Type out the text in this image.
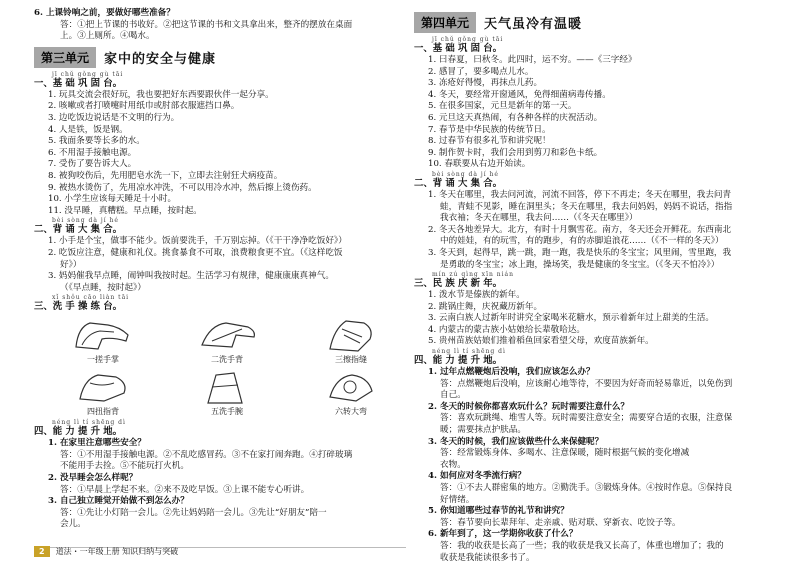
6. 上课铃响之前，要做好哪些准备？
答：①把上节课的书收好。②把这节课的书和文具拿出来，整齐的摆放在桌面
上。③上厕所。④喝水。
第三单元	家中的安全与健康
jī chǔ gǒng gù tāi
一、基 础 巩 固 台。
1. 玩具交流会很好玩，我也要把好东西要跟伙伴一起分享。
2. 咳嗽或者打喷嚏时用纸巾或肘部衣服遮挡口鼻。
3. 边吃饭边说话是不文明的行为。
4. 人是铁，饭是钢。
5. 我面条要等长多的水。
6. 不用湿手接触电源。
7. 受伤了要告诉大人。
8. 被狗咬伤后，先用肥皂水洗一下，立即去注射狂犬病疫苗。
9. 被热水烫伤了，先用凉水冲洗，不可以用冷水冲，然后擦上烫伤药。
10. 小学生应该每天睡足十小时。
11. 没早睡，真糟糕。早点睡，按时起。
bèi sòng dà jí hé
二、背 诵 大 集 合。
1. 小手是个宝，做事不能少。饭前要洗手，千万别忘掉。（《干干净净吃饭好》）
2. 吃饭应注意，健康和礼仪。挑食暴食不可取，浪费粮食更不宜。（《这样吃饭
好》）
3. 妈妈催我早点睡，闹钟叫我按时起。生活学习有规律，健康康康真神气。
（《早点睡，按时起》）
xǐ shǒu cāo liàn tāi
三、洗 手 操 练 台。
一搓手掌	二洗手背	三擦指缝
四扭指背	五洗手腕	六转大弯
néng lì tí shēng dì
四、能 力 提 升 地。
1. 在家里注意哪些安全？
答：①不用湿手接触电源。②不乱吃感冒药。③不在家打闹奔跑。④打碎玻璃
不能用手去捡。⑤不能玩打火机。
2. 没早睡会怎么样呢？
答：①早晨上学起不来。②来不及吃早饭。③上课不能专心听讲。
3. 自己独立睡觉开始做不到怎么办？
答：①先让小灯陪一会儿。②先让妈妈陪一会儿。③先让“好朋友”陪一
会儿。
2	道法・一年级上册 知识归纳与突破
第四单元	天气虽冷有温暖
jī chǔ gǒng gù tāi
一、基 础 巩 固 台。
1. 曰春夏，曰秋冬。此四时，运不穷。——《三字经》
2. 感冒了，要多喝点儿水。
3. 冻疮好得慢，再抹点儿药。
4. 冬天，要经常开窗通风，免得细菌病毒传播。
5. 在很多国家，元旦是新年的第一天。
6. 元旦这天真热闹，有各种各样的庆祝活动。
7. 春节是中华民族的传统节日。
8. 过春节有很多礼节和讲究呢！
9. 制作贺卡时，我们会用到剪刀和彩色卡纸。
10. 春联要从右边开始读。
bèi sòng dà jí hé
二、背 诵 大 集 合。
1. 冬天在哪里，我去问河流，河流不回答，停下不再走；冬天在哪里，我去问青
蛙，青蛙不见影，睡在洞里头；冬天在哪里，我去问妈妈，妈妈不说话，指指
我衣袖；冬天在哪里，我去问……（《冬天在哪里》）
2. 冬天各地差异大。北方，有时十月飘雪花。南方，冬天还会开鲜花。东西南北
中的娃娃，有的玩雪，有的跑步，有的赤脚追浪花……（《不一样的冬天》）
3. 冬天到，起得早，跳一跳，跑一跑，我是快乐的冬宝宝；风里闹，雪里跑，我
是勇敢的冬宝宝；冰上跑，操场笑，我是健康的冬宝宝。（《冬天不怕冷》）
mín zú qìng xīn nián
三、民 族 庆 新 年。
1. 泼水节是傣族的新年。
2. 跳锅庄舞，庆祝藏历新年。
3. 云南白族人过新年时讲究全家喝米花糖水，预示着新年过上甜美的生活。
4. 内蒙古的蒙古族小姑娘给长辈敬哈达。
5. 贵州苗族姑娘们推着稻鱼回家看望父母，欢度苗族新年。
néng lì tí shēng dì
四、能 力 提 升 地。
1. 过年点燃鞭炮后没响，我们应该怎么办？
答：点燃鞭炮后没响，应该耐心地等待，不要因为好奇而轻易靠近，以免伤到
自己。
2. 冬天的时候你都喜欢玩什么？玩时需要注意什么？
答：喜欢玩跳绳、堆雪人等。玩时需要注意安全；需要穿合适的衣服，注意保
暖；需要抹点护肤品。
3. 冬天的时候，我们应该做些什么来保健呢？
答：经常锻炼身体、多喝水、注意保暖，随时根据气候的变化增减
衣物。
4. 如何应对冬季流行病？
答：①不去人群密集的地方。②勤洗手。③锻炼身体。④按时作息。⑤保持良
好情绪。
5. 你知道哪些过春节的礼节和讲究？
答：春节要向长辈拜年、走亲戚、贴对联、穿新衣、吃饺子等。
6. 新年到了，这一学期你收获了什么？
答：我的收获是长高了一些；我的收获是我又长高了，体重也增加了；我的
收获是我能读很多书了。
